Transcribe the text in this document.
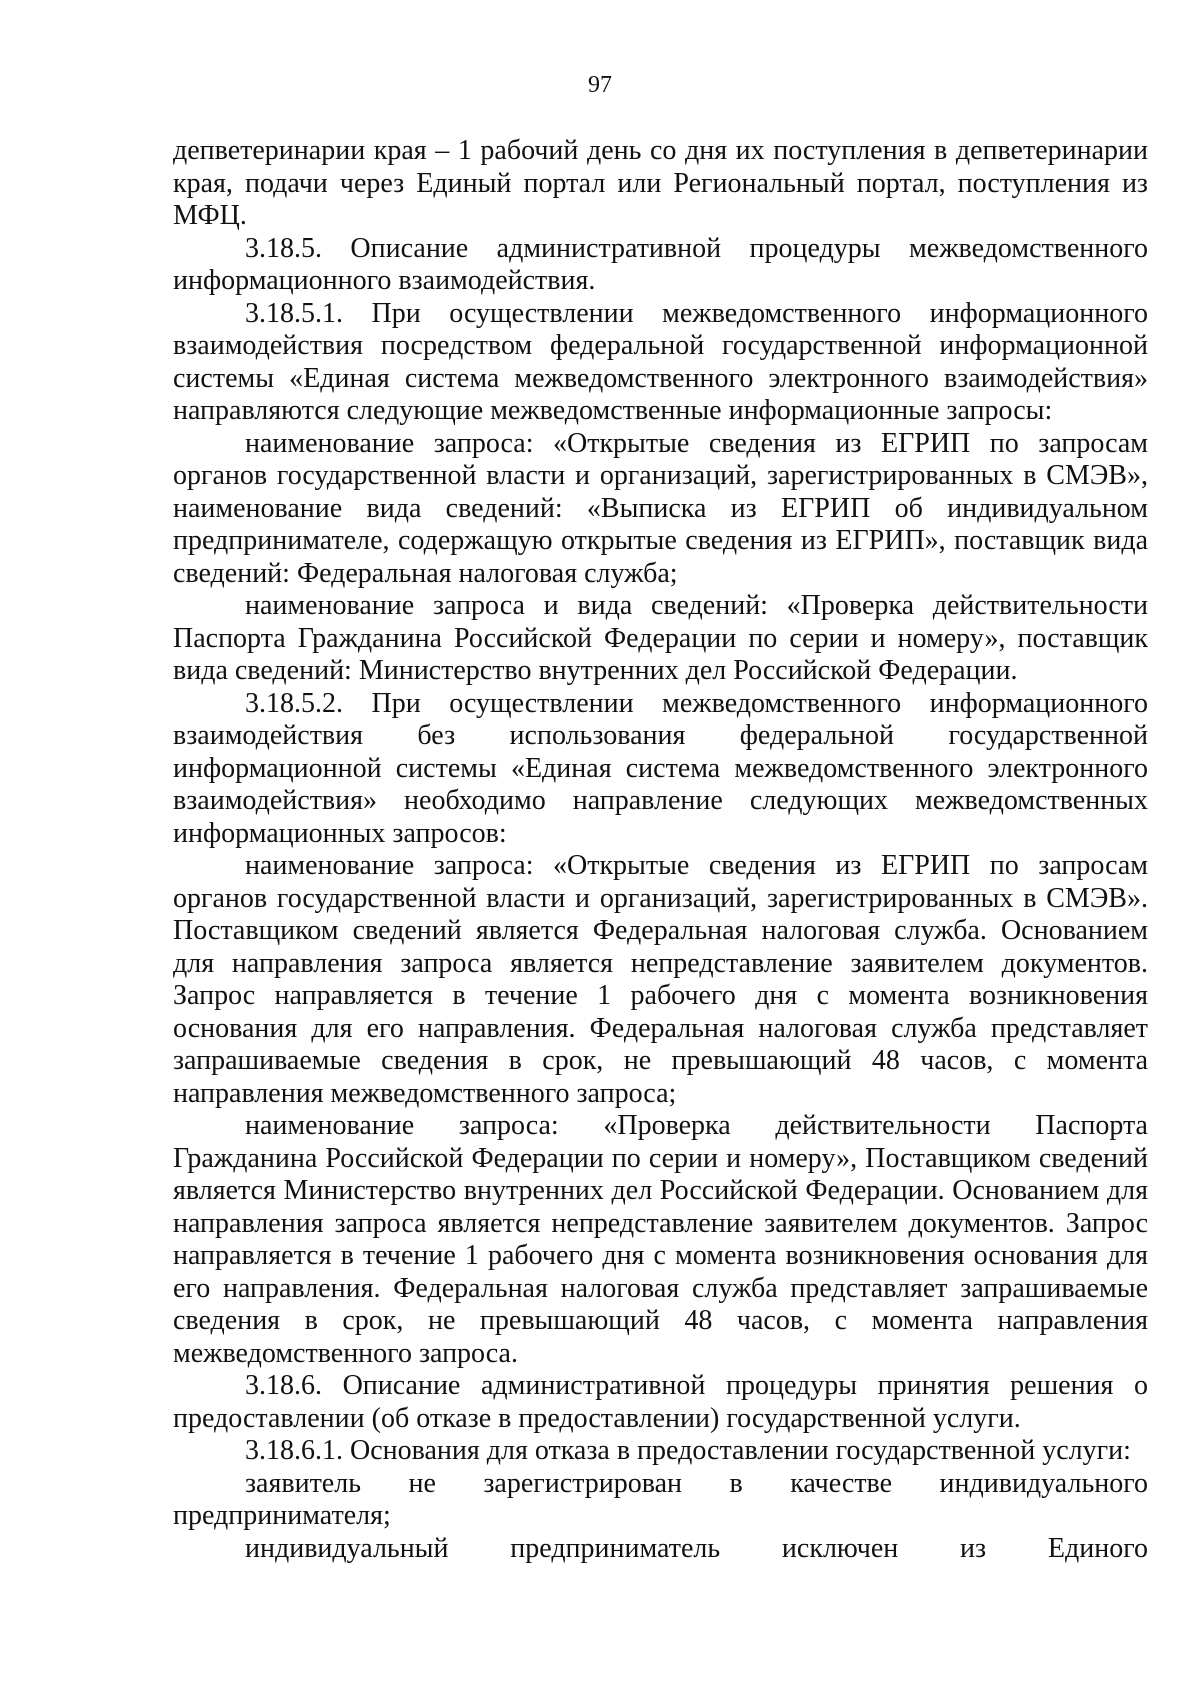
97

депветеринарии края – 1 рабочий день со дня их поступления в депветеринарии края, подачи через Единый портал или Региональный портал, поступления из МФЦ.

3.18.5. Описание административной процедуры межведомственного информационного взаимодействия.

3.18.5.1. При осуществлении межведомственного информационного взаимодействия посредством федеральной государственной информационной системы «Единая система межведомственного электронного взаимодействия» направляются следующие межведомственные информационные запросы:

наименование запроса: «Открытые сведения из ЕГРИП по запросам органов государственной власти и организаций, зарегистрированных в СМЭВ», наименование вида сведений: «Выписка из ЕГРИП об индивидуальном предпринимателе, содержащую открытые сведения из ЕГРИП», поставщик вида сведений: Федеральная налоговая служба;

наименование запроса и вида сведений: «Проверка действительности Паспорта Гражданина Российской Федерации по серии и номеру», поставщик вида сведений: Министерство внутренних дел Российской Федерации.

3.18.5.2. При осуществлении межведомственного информационного взаимодействия без использования федеральной государственной информационной системы «Единая система межведомственного электронного взаимодействия» необходимо направление следующих межведомственных информационных запросов:

наименование запроса: «Открытые сведения из ЕГРИП по запросам органов государственной власти и организаций, зарегистрированных в СМЭВ». Поставщиком сведений является Федеральная налоговая служба. Основанием для направления запроса является непредставление заявителем документов. Запрос направляется в течение 1 рабочего дня с момента возникновения основания для его направления. Федеральная налоговая служба представляет запрашиваемые сведения в срок, не превышающий 48 часов, с момента направления межведомственного запроса;

наименование запроса: «Проверка действительности Паспорта Гражданина Российской Федерации по серии и номеру», Поставщиком сведений является Министерство внутренних дел Российской Федерации. Основанием для направления запроса является непредставление заявителем документов. Запрос направляется в течение 1 рабочего дня с момента возникновения основания для его направления. Федеральная налоговая служба представляет запрашиваемые сведения в срок, не превышающий 48 часов, с момента направления межведомственного запроса.

3.18.6. Описание административной процедуры принятия решения о предоставлении (об отказе в предоставлении) государственной услуги.

3.18.6.1. Основания для отказа в предоставлении государственной услуги:

заявитель не зарегистрирован в качестве индивидуального предпринимателя;

индивидуальный предприниматель исключен из Единого
